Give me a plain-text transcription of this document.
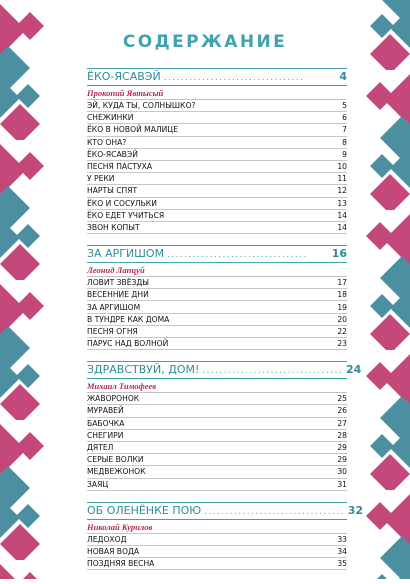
СОДЕРЖАНИЕ
ЁКО-ЯСАВЭЙ .................................	4
Прокопий Явтысый
ЭЙ, КУДА ТЫ, СОЛНЫШКО?	5
СНЕЖИНКИ	6
ЁКО В НОВОЙ МАЛИЦЕ	7
КТО ОНА?	8
ЁКО-ЯСАВЭЙ	9
ПЕСНЯ ПАСТУХА	10
У РЕКИ	11
НАРТЫ СПЯТ	12
ЁКО И СОСУЛЬКИ	13
ЁКО ЕДЕТ УЧИТЬСЯ	14
ЗВОН КОПЫТ	14
ЗА АРГИШОМ .................................	16
Леонид Лапцуй
ЛОВИТ ЗВЁЗДЫ	17
ВЕСЕННИЕ ДНИ	18
ЗА АРГИШОМ	19
В ТУНДРЕ КАК ДОМА	20
ПЕСНЯ ОГНЯ	22
ПАРУС НАД ВОЛНОЙ	23
ЗДРАВСТВУЙ, ДОМ! ................................. 24
Михаил Тимофеев
ЖАВОРОНОК	25
МУРАВЕЙ	26
БАБОЧКА	27
СНЕГИРИ	28
ДЯТЕЛ	29
СЕРЫЕ ВОЛКИ	29
МЕДВЕЖОНОК	30
ЗАЯЦ	31
ОБ ОЛЕНЁНКЕ ПОЮ ................................. 32
Николай Курилов
ЛЕДОХОД	33
НОВАЯ ВОДА	34
ПОЗДНЯЯ ВЕСНА	35
